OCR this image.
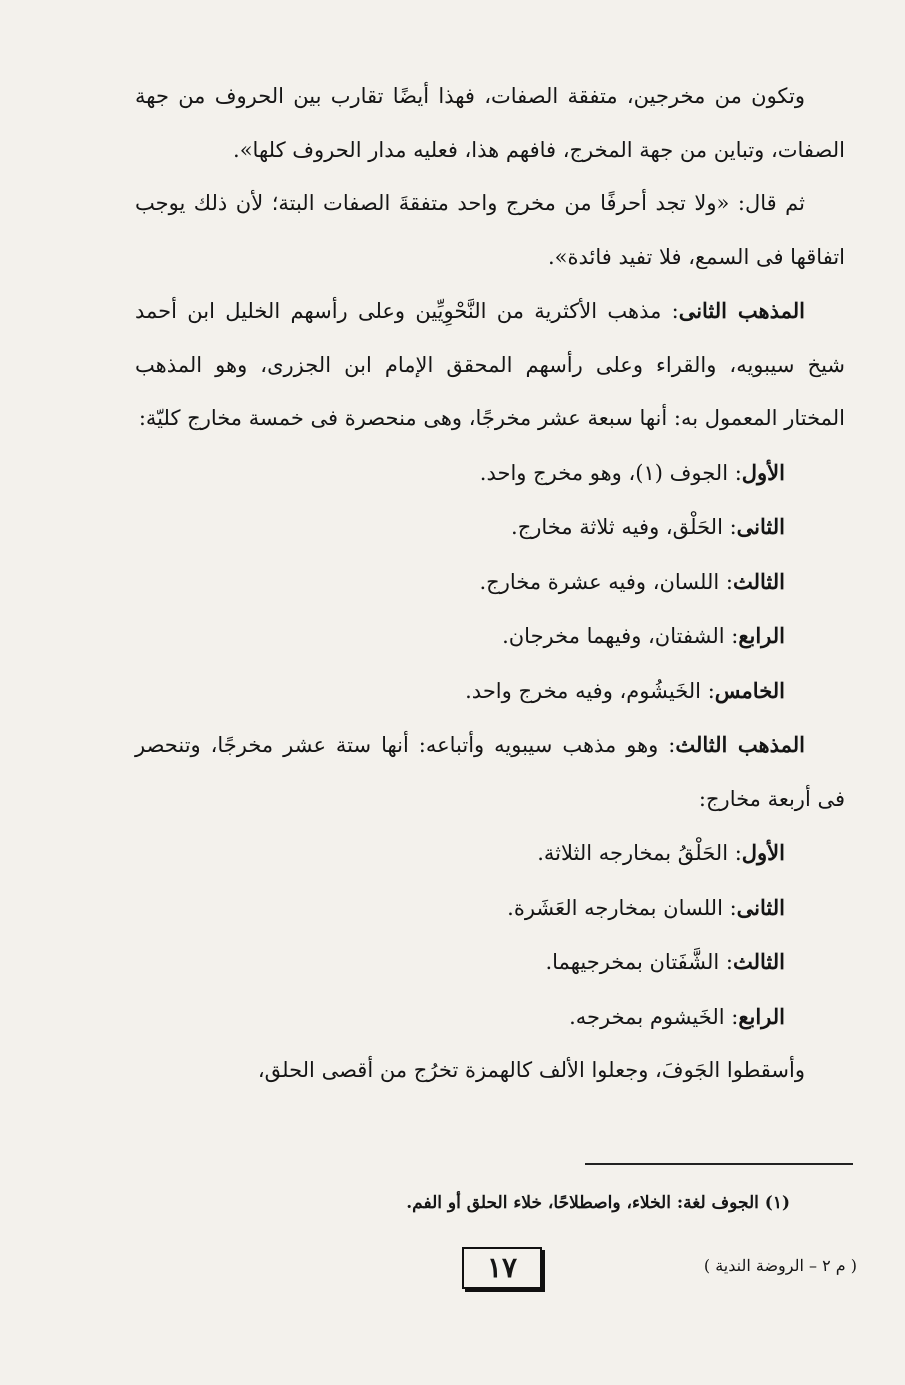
وتكون من مخرجين، متفقة الصفات، فهذا أيضًا تقارب بين الحروف من جهة الصفات، وتباين من جهة المخرج، فافهم هذا، فعليه مدار الحروف كلها».

ثم قال: «ولا تجد أحرفًا من مخرج واحد متفقةَ الصفات البتة؛ لأن ذلك يوجب اتفاقها فى السمع، فلا تفيد فائدة».

المذهب الثانى: مذهب الأكثرية من النَّحْوِيِّين وعلى رأسهم الخليل ابن أحمد شيخ سيبويه، والقراء وعلى رأسهم المحقق الإمام ابن الجزرى، وهو المذهب المختار المعمول به: أنها سبعة عشر مخرجًا، وهى منحصرة فى خمسة مخارج كليّة:

الأول: الجوف (١)، وهو مخرج واحد.
الثانى: الحَلْق، وفيه ثلاثة مخارج.
الثالث: اللسان، وفيه عشرة مخارج.
الرابع: الشفتان، وفيهما مخرجان.
الخامس: الخَيشُوم، وفيه مخرج واحد.

المذهب الثالث: وهو مذهب سيبويه وأتباعه: أنها ستة عشر مخرجًا، وتنحصر فى أربعة مخارج:

الأول: الحَلْقُ بمخارجه الثلاثة.
الثانى: اللسان بمخارجه العَشَرة.
الثالث: الشَّفَتان بمخرجيهما.
الرابع: الخَيشوم بمخرجه.

وأسقطوا الجَوفَ، وجعلوا الألف كالهمزة تخرُج من أقصى الحلق،

(١) الجوف لغة: الخلاء، واصطلاحًا، خلاء الحلق أو الفم.
١٧	( م ٢ – الروضة الندية )
